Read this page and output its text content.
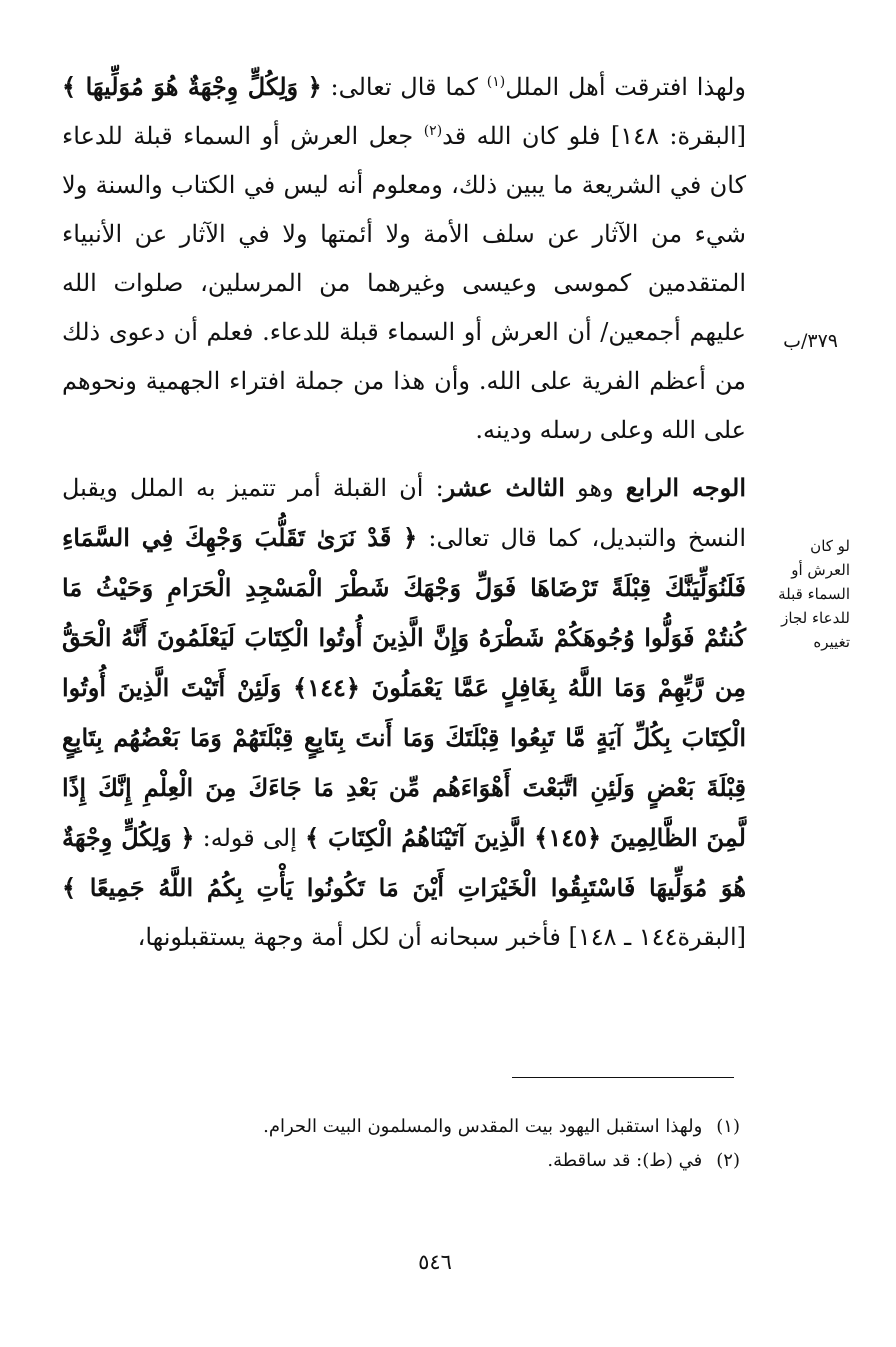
ولهذا افترقت أهل الملل$^{(١)}$ كما قال تعالى: ﴿ وَلِكُلٍّ وِجْهَةٌ هُوَ مُوَلِّيهَا ﴾[البقرة: ١٤٨] فلو كان الله قد$^{(٢)}$ جعل العرش أو السماء قبلة للدعاء كان في الشريعة ما يبين ذلك، ومعلوم أنه ليس في الكتاب والسنة ولا شيء من الآثار عن سلف الأمة ولا أئمتها ولا في الآثار عن الأنبياء المتقدمين كموسى وعيسى وغيرهما من المرسلين، صلوات الله عليهم أجمعين/ أن العرش أو السماء قبلة للدعاء. فعلم أن دعوى ذلك من أعظم الفرية على الله. وأن هذا من جملة افتراء الجهمية ونحوهم على الله وعلى رسله ودينه.

الوجه الرابع وهو الثالث عشر: أن القبلة أمر تتميز به الملل ويقبل النسخ والتبديل، كما قال تعالى: ﴿ قَدْ نَرَىٰ تَقَلُّبَ وَجْهِكَ فِي السَّمَاءِ فَلَنُوَلِّيَنَّكَ قِبْلَةً تَرْضَاهَا فَوَلِّ وَجْهَكَ شَطْرَ الْمَسْجِدِ الْحَرَامِ وَحَيْثُ مَا كُنتُمْ فَوَلُّوا وُجُوهَكُمْ شَطْرَهُ وَإِنَّ الَّذِينَ أُوتُوا الْكِتَابَ لَيَعْلَمُونَ أَنَّهُ الْحَقُّ مِن رَّبِّهِمْ وَمَا اللَّهُ بِغَافِلٍ عَمَّا يَعْمَلُونَ ﴿١٤٤﴾ وَلَئِنْ أَتَيْتَ الَّذِينَ أُوتُوا الْكِتَابَ بِكُلِّ آيَةٍ مَّا تَبِعُوا قِبْلَتَكَ وَمَا أَنتَ بِتَابِعٍ قِبْلَتَهُمْ وَمَا بَعْضُهُم بِتَابِعٍ قِبْلَةَ بَعْضٍ وَلَئِنِ اتَّبَعْتَ أَهْوَاءَهُم مِّن بَعْدِ مَا جَاءَكَ مِنَ الْعِلْمِ إِنَّكَ إِذًا لَّمِنَ الظَّالِمِينَ ﴿١٤٥﴾ الَّذِينَ آتَيْنَاهُمُ الْكِتَابَ ﴾ إلى قوله: ﴿ وَلِكُلٍّ وِجْهَةٌ هُوَ مُوَلِّيهَا فَاسْتَبِقُوا الْخَيْرَاتِ أَيْنَ مَا تَكُونُوا يَأْتِ بِكُمُ اللَّهُ جَمِيعًا ﴾ [البقرة١٤٤ ـ ١٤٨] فأخبر سبحانه أن لكل أمة وجهة يستقبلونها،

٣٧٩/ب
لو كان العرش أو السماء قبلة للدعاء لجاز تغييره
(١)
ولهذا استقبل اليهود بيت المقدس والمسلمون البيت الحرام.
(٢)
في (ط): قد ساقطة.
٥٤٦
